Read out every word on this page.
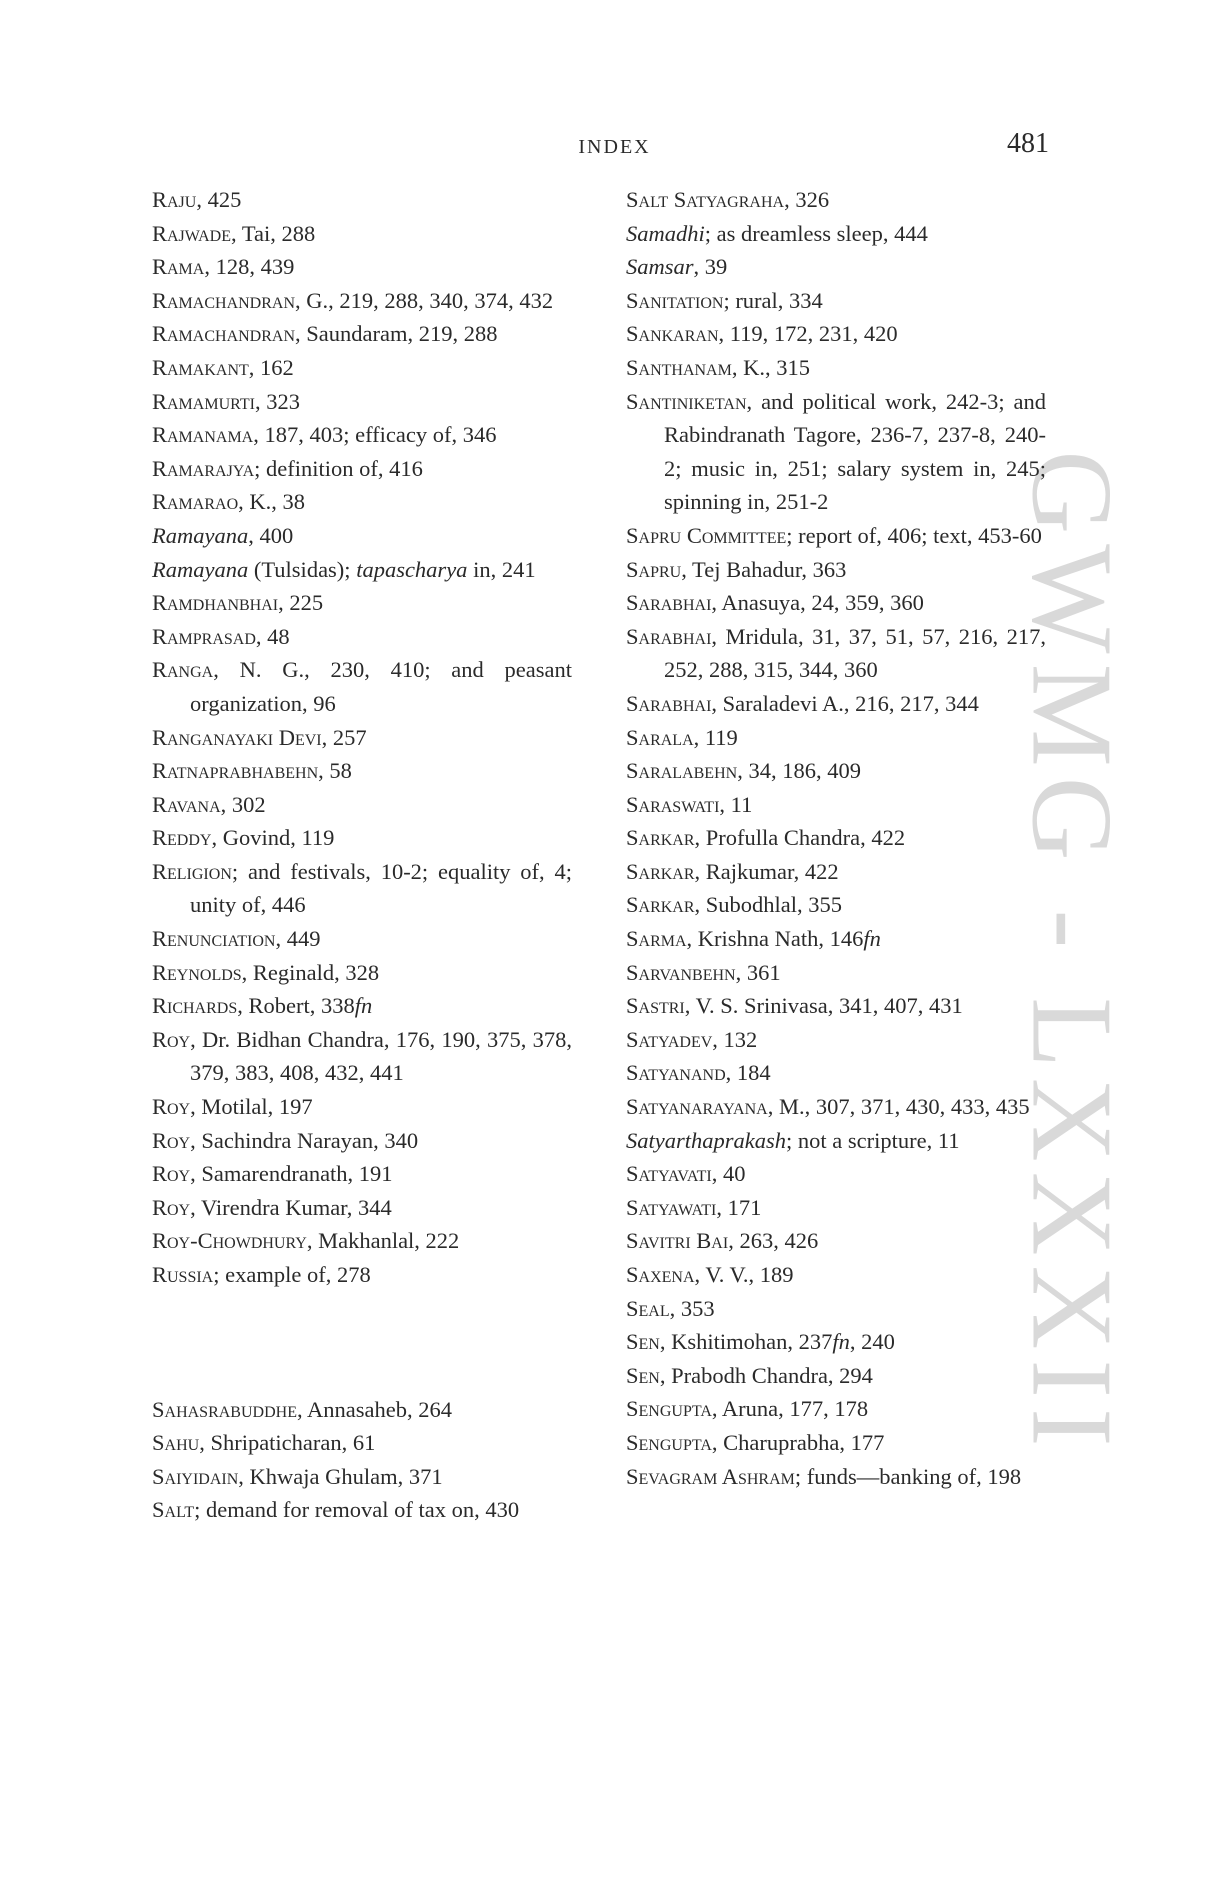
GWMG - LXXXII
INDEX	481
Raju, 425
Rajwade, Tai, 288
Rama, 128, 439
Ramachandran, G., 219, 288, 340, 374, 432
Ramachandran, Saundaram, 219, 288
Ramakant, 162
Ramamurti, 323
Ramanama, 187, 403; efficacy of, 346
Ramarajya; definition of, 416
Ramarao, K., 38
Ramayana, 400
Ramayana (Tulsidas); tapascharya in, 241
Ramdhanbhai, 225
Ramprasad, 48
Ranga, N. G., 230, 410; and peasant organization, 96
Ranganayaki Devi, 257
Ratnaprabhabehn, 58
Ravana, 302
Reddy, Govind, 119
Religion; and festivals, 10-2; equality of, 4; unity of, 446
Renunciation, 449
Reynolds, Reginald, 328
Richards, Robert, 338fn
Roy, Dr. Bidhan Chandra, 176, 190, 375, 378, 379, 383, 408, 432, 441
Roy, Motilal, 197
Roy, Sachindra Narayan, 340
Roy, Samarendranath, 191
Roy, Virendra Kumar, 344
Roy-Chowdhury, Makhanlal, 222
Russia; example of, 278
Sahasrabuddhe, Annasaheb, 264
Sahu, Shripaticharan, 61
Saiyidain, Khwaja Ghulam, 371
Salt; demand for removal of tax on, 430
Salt Satyagraha, 326
Samadhi; as dreamless sleep, 444
Samsar, 39
Sanitation; rural, 334
Sankaran, 119, 172, 231, 420
Santhanam, K., 315
Santiniketan, and political work, 242-3; and Rabindranath Tagore, 236-7, 237-8, 240-2; music in, 251; salary system in, 245; spinning in, 251-2
Sapru Committee; report of, 406; text, 453-60
Sapru, Tej Bahadur, 363
Sarabhai, Anasuya, 24, 359, 360
Sarabhai, Mridula, 31, 37, 51, 57, 216, 217, 252, 288, 315, 344, 360
Sarabhai, Saraladevi A., 216, 217, 344
Sarala, 119
Saralabehn, 34, 186, 409
Saraswati, 11
Sarkar, Profulla Chandra, 422
Sarkar, Rajkumar, 422
Sarkar, Subodhlal, 355
Sarma, Krishna Nath, 146fn
Sarvanbehn, 361
Sastri, V. S. Srinivasa, 341, 407, 431
Satyadev, 132
Satyanand, 184
Satyanarayana, M., 307, 371, 430, 433, 435
Satyarthaprakash; not a scripture, 11
Satyavati, 40
Satyawati, 171
Savitri Bai, 263, 426
Saxena, V. V., 189
Seal, 353
Sen, Kshitimohan, 237fn, 240
Sen, Prabodh Chandra, 294
Sengupta, Aruna, 177, 178
Sengupta, Charuprabha, 177
Sevagram Ashram; funds—banking of, 198
